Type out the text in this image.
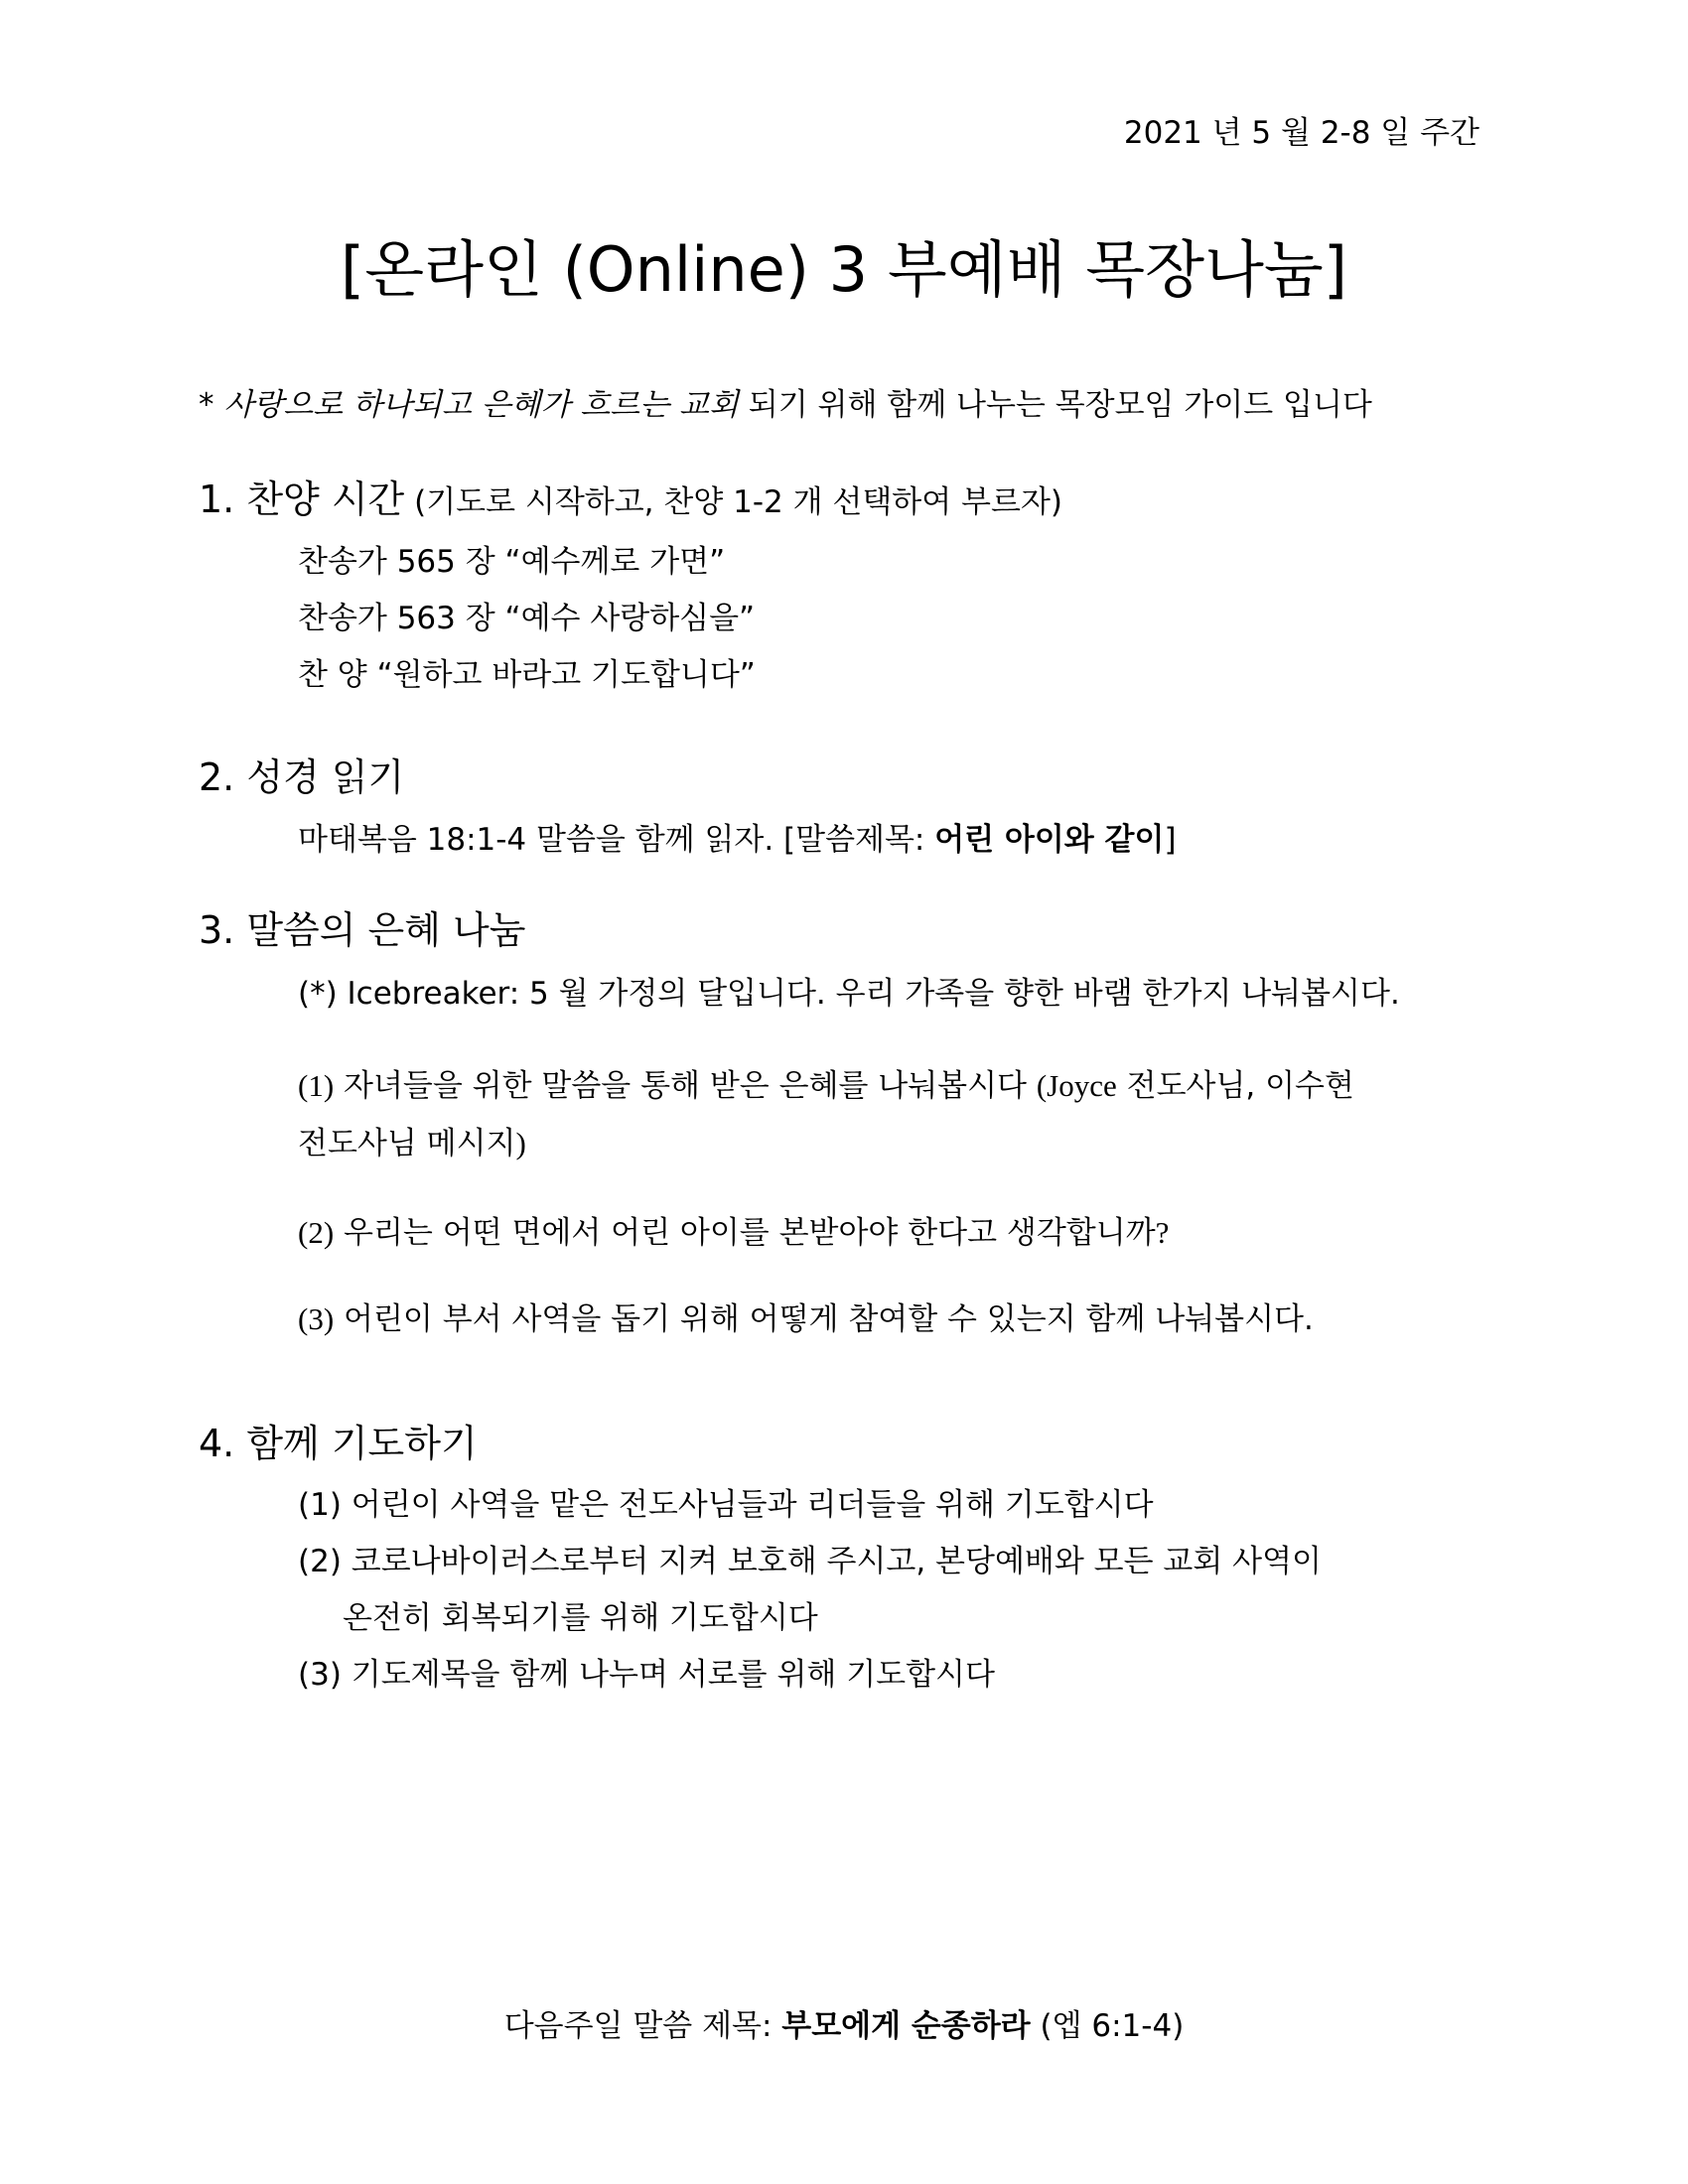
2021 년 5 월 2-8 일 주간
[온라인 (Online) 3 부예배 목장나눔]
* 사랑으로 하나되고 은혜가 흐르는 교회 되기 위해 함께 나누는 목장모임 가이드 입니다
1. 찬양 시간 (기도로 시작하고, 찬양 1-2 개 선택하여 부르자)
찬송가 565 장 “예수께로 가면”
찬송가 563 장 “예수 사랑하심을”
찬 양 “원하고 바라고 기도합니다”
2. 성경 읽기
마태복음 18:1-4 말씀을 함께 읽자. [말씀제목: 어린 아이와 같이]
3. 말씀의 은혜 나눔
(*) Icebreaker: 5 월 가정의 달입니다. 우리 가족을 향한 바램 한가지 나눠봅시다.
(1) 자녀들을 위한 말씀을 통해 받은 은혜를 나눠봅시다 (Joyce 전도사님, 이수현
전도사님 메시지)
(2) 우리는 어떤 면에서 어린 아이를 본받아야 한다고 생각합니까?
(3) 어린이 부서 사역을 돕기 위해 어떻게 참여할 수 있는지 함께 나눠봅시다.
4. 함께 기도하기
(1) 어린이 사역을 맡은 전도사님들과 리더들을 위해 기도합시다
(2) 코로나바이러스로부터 지켜 보호해 주시고, 본당예배와 모든 교회 사역이
온전히 회복되기를 위해 기도합시다
(3) 기도제목을 함께 나누며 서로를 위해 기도합시다
다음주일 말씀 제목: 부모에게 순종하라 (엡 6:1-4)
